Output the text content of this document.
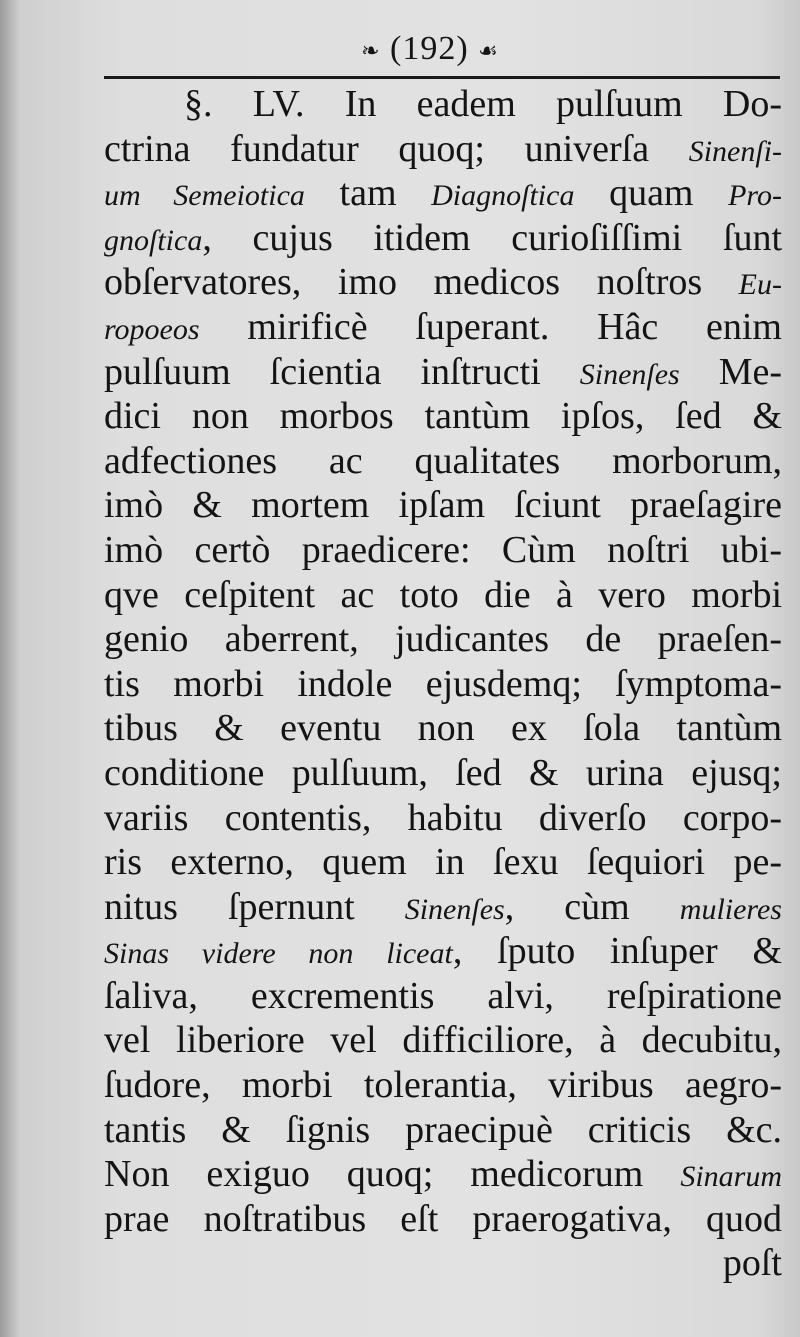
❧ (192) ☙
§. LV. In eadem pulſuum Do-
ctrina fundatur quoq; univerſa Sinenſi-
um Semeiotica tam Diagnoſtica quam Pro-
gnoſtica, cujus itidem curioſiſſimi ſunt
obſervatores, imo medicos noſtros Eu-
ropoeos mirificè ſuperant. Hâc enim
pulſuum ſcientia inſtructi Sinenſes Me-
dici non morbos tantùm ipſos, ſed &
adfectiones ac qualitates morborum,
imò & mortem ipſam ſciunt praeſagire
imò certò praedicere: Cùm noſtri ubi-
qve ceſpitent ac toto die à vero morbi
genio aberrent, judicantes de praeſen-
tis morbi indole ejusdemq; ſymptoma-
tibus & eventu non ex ſola tantùm
conditione pulſuum, ſed & urina ejusq;
variis contentis, habitu diverſo corpo-
ris externo, quem in ſexu ſequiori pe-
nitus ſpernunt Sinenſes, cùm mulieres
Sinas videre non liceat, ſputo inſuper &
ſaliva, excrementis alvi, reſpiratione
vel liberiore vel difficiliore, à decubitu,
ſudore, morbi tolerantia, viribus aegro-
tantis & ſignis praecipuè criticis &c.
Non exiguo quoq; medicorum Sinarum
prae noſtratibus eſt praerogativa, quod
poſt
